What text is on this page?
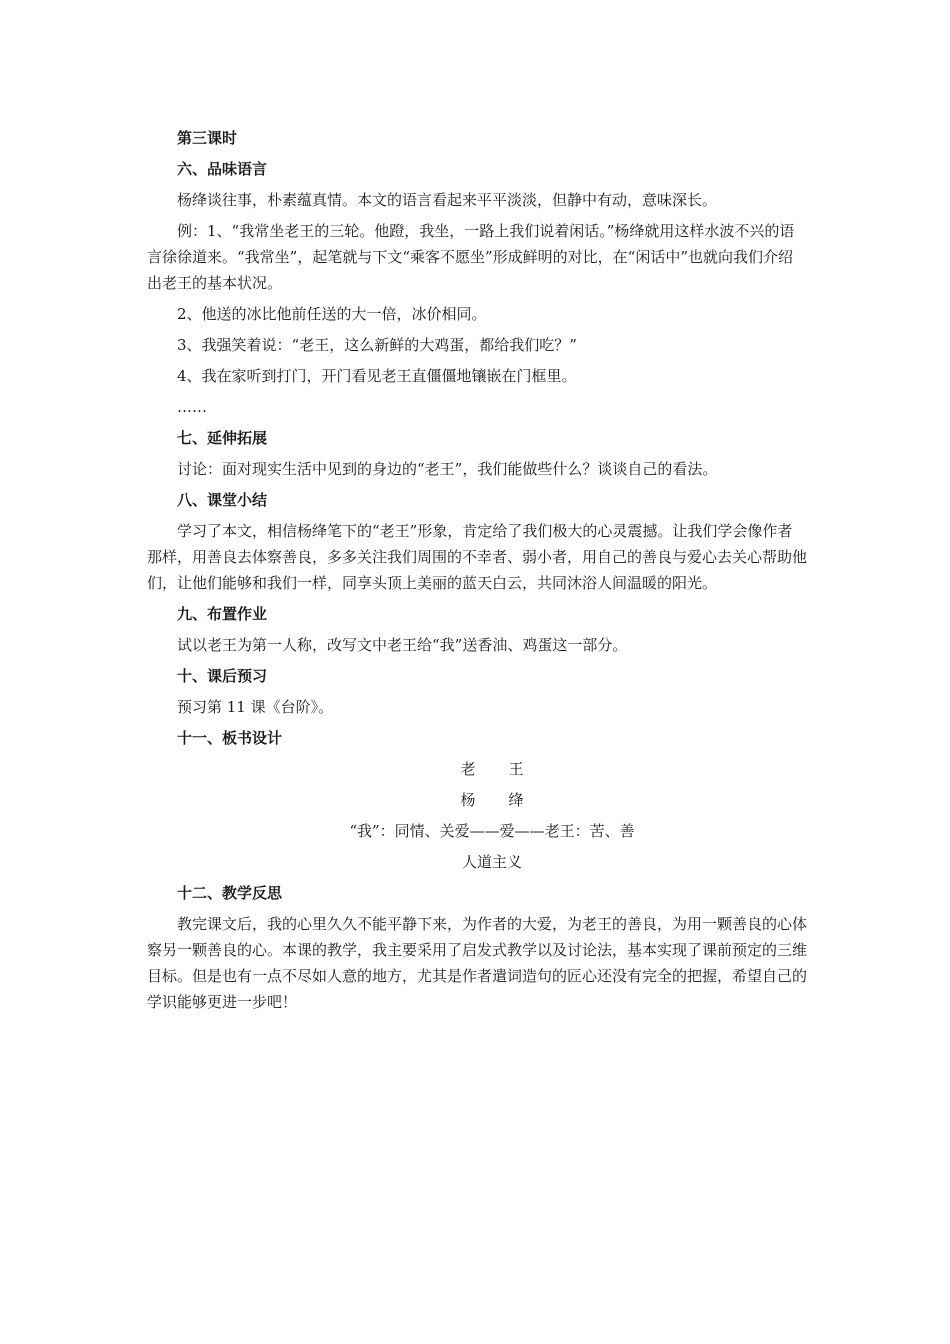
第三课时
六、品味语言
杨绛谈往事，朴素蕴真情。本文的语言看起来平平淡淡，但静中有动，意味深长。
例：1、“我常坐老王的三轮。他蹬，我坐，一路上我们说着闲话。”杨绛就用这样水波不兴的语言徐徐道来。“我常坐”，起笔就与下文“乘客不愿坐”形成鲜明的对比，在“闲话中”也就向我们介绍出老王的基本状况。
2、他送的冰比他前任送的大一倍，冰价相同。
3、我强笑着说：“老王，这么新鲜的大鸡蛋，都给我们吃？”
4、我在家听到打门，开门看见老王直僵僵地镶嵌在门框里。
……
七、延伸拓展
讨论：面对现实生活中见到的身边的“老王”，我们能做些什么？谈谈自己的看法。
八、课堂小结
学习了本文，相信杨绛笔下的“老王”形象，肯定给了我们极大的心灵震撼。让我们学会像作者那样，用善良去体察善良，多多关注我们周围的不幸者、弱小者，用自己的善良与爱心去关心帮助他们，让他们能够和我们一样，同享头顶上美丽的蓝天白云，共同沐浴人间温暖的阳光。
九、布置作业
试以老王为第一人称，改写文中老王给“我”送香油、鸡蛋这一部分。
十、课后预习
预习第 11 课《台阶》。
十一、板书设计
老王
杨绛
“我”：同情、关爱——爱——老王：苦、善
人道主义
十二、教学反思
教完课文后，我的心里久久不能平静下来，为作者的大爱，为老王的善良，为用一颗善良的心体察另一颗善良的心。本课的教学，我主要采用了启发式教学以及讨论法，基本实现了课前预定的三维目标。但是也有一点不尽如人意的地方，尤其是作者遣词造句的匠心还没有完全的把握，希望自己的学识能够更进一步吧！
